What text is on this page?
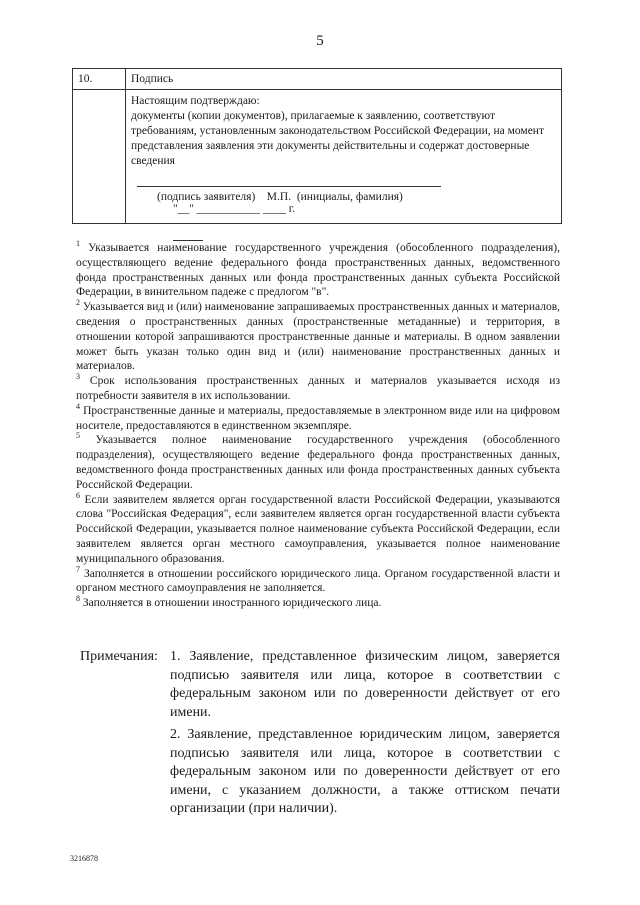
5
10.	Подпись

	Настоящим подтверждаю:
документы (копии документов), прилагаемые к заявлению, соответствуют требованиям, установленным законодательством Российской Федерации, на момент представления заявления эти документы действительны и содержат достоверные сведения
(подпись заявителя)    М.П.  (инициалы, фамилия)
"__" ___________ ____ г.

$^1$ Указывается наименование государственного учреждения (обособленного подразделения), осуществляющего ведение федерального фонда пространственных данных, ведомственного фонда пространственных данных или фонда пространственных данных субъекта Российской Федерации, в винительном падеже с предлогом "в".

$^2$ Указывается вид и (или) наименование запрашиваемых пространственных данных и материалов, сведения о пространственных данных (пространственные метаданные) и территория, в отношении которой запрашиваются пространственные данные и материалы. В одном заявлении может быть указан только один вид и (или) наименование пространственных данных и материалов.

$^3$ Срок использования пространственных данных и материалов указывается исходя из потребности заявителя в их использовании.

$^4$ Пространственные данные и материалы, предоставляемые в электронном виде или на цифровом носителе, предоставляются в единственном экземпляре.

$^5$ Указывается полное наименование государственного учреждения (обособленного подразделения), осуществляющего ведение федерального фонда пространственных данных, ведомственного фонда пространственных данных или фонда пространственных данных субъекта Российской Федерации.

$^6$ Если заявителем является орган государственной власти Российской Федерации, указываются слова "Российская Федерация", если заявителем является орган государственной власти субъекта Российской Федерации, указывается полное наименование субъекта Российской Федерации, если заявителем является орган местного самоуправления, указывается полное наименование муниципального образования.

$^7$ Заполняется в отношении российского юридического лица. Органом государственной власти и органом местного самоуправления не заполняется.

$^8$ Заполняется в отношении иностранного юридического лица.

Примечания: 1. Заявление, представленное физическим лицом, заверяется подписью заявителя или лица, которое в соответствии с федеральным законом или по доверенности действует от его имени.
2. Заявление, представленное юридическим лицом, заверяется подписью заявителя или лица, которое в соответствии с федеральным законом или по доверенности действует от его имени, с указанием должности, а также оттиском печати организации (при наличии).
3216878
